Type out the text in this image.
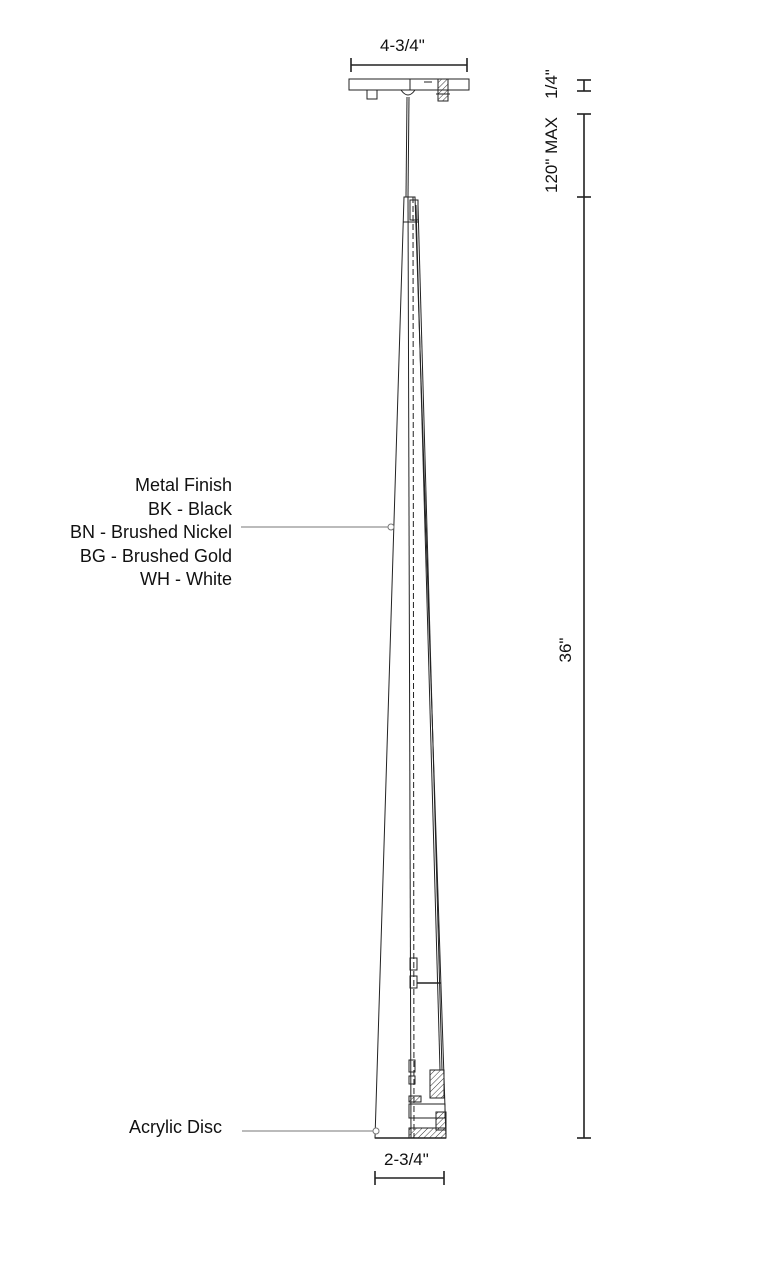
4-3/4"
2-3/4"
1/4"
120" MAX
36"
Metal Finish
BK - Black
BN - Brushed Nickel
BG - Brushed Gold
WH - White
Acrylic Disc
